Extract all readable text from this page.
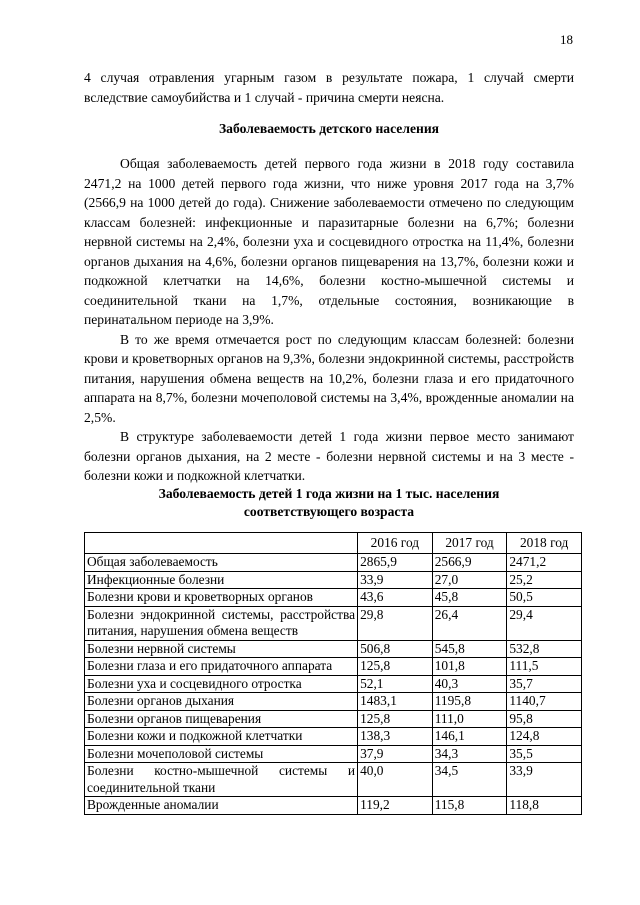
18

4 случая отравления угарным газом в результате пожара, 1 случай смерти вследствие самоубийства и 1 случай - причина смерти неясна.

Заболеваемость детского населения

Общая заболеваемость детей первого года жизни в 2018 году составила 2471,2 на 1000 детей первого года жизни, что ниже уровня 2017 года на 3,7% (2566,9 на 1000 детей до года). Снижение заболеваемости отмечено по следующим классам болезней: инфекционные и паразитарные болезни на 6,7%; болезни нервной системы на 2,4%, болезни уха и сосцевидного отростка на 11,4%, болезни органов дыхания на 4,6%, болезни органов пищеварения на 13,7%, болезни кожи и подкожной клетчатки на 14,6%, болезни костно-мышечной системы и соединительной ткани на 1,7%, отдельные состояния, возникающие в перинатальном периоде на 3,9%.

В то же время отмечается рост по следующим классам болезней: болезни крови и кроветворных органов на 9,3%, болезни эндокринной системы, расстройств питания, нарушения обмена веществ на 10,2%, болезни глаза и его придаточного аппарата на 8,7%, болезни мочеполовой системы на 3,4%, врожденные аномалии на 2,5%.

В структуре заболеваемости детей 1 года жизни первое место занимают болезни органов дыхания, на 2 месте - болезни нервной системы и на 3 месте - болезни кожи и подкожной клетчатки.

Заболеваемость детей 1 года жизни на 1 тыс. населения
соответствующего возраста
	2016 год	2017 год	2018 год
Общая заболеваемость	2865,9	2566,9	2471,2
Инфекционные болезни	33,9	27,0	25,2
Болезни крови и кроветворных органов	43,6	45,8	50,5
Болезни эндокринной системы, расстройства питания, нарушения обмена веществ	29,8	26,4	29,4
Болезни нервной системы	506,8	545,8	532,8
Болезни глаза и его придаточного аппарата	125,8	101,8	111,5
Болезни уха и сосцевидного отростка	52,1	40,3	35,7
Болезни органов дыхания	1483,1	1195,8	1140,7
Болезни органов пищеварения	125,8	111,0	95,8
Болезни кожи и подкожной клетчатки	138,3	146,1	124,8
Болезни мочеполовой системы	37,9	34,3	35,5
Болезни костно-мышечной системы и соединительной ткани	40,0	34,5	33,9
Врожденные аномалии	119,2	115,8	118,8
